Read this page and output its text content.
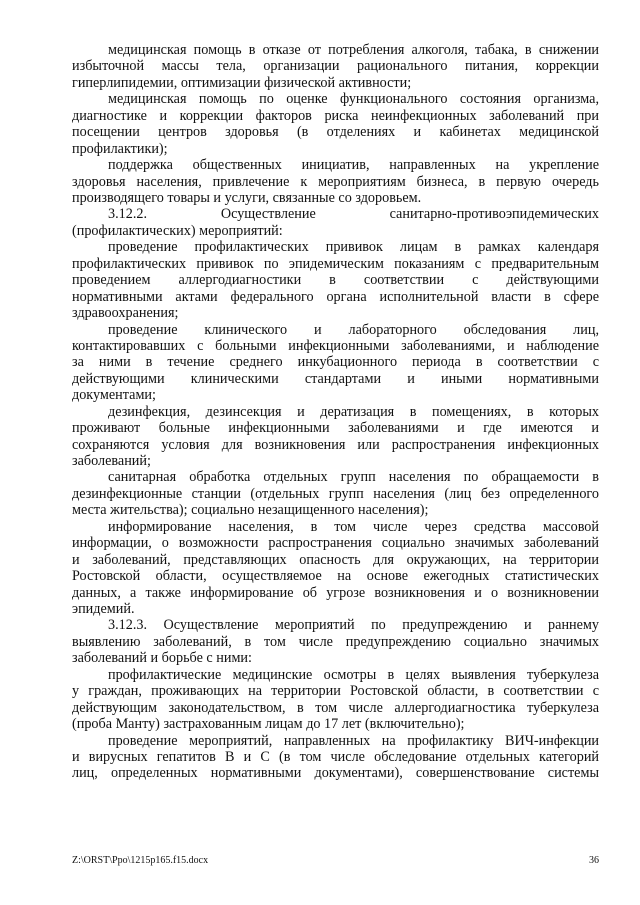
медицинская помощь в отказе от потребления алкоголя, табака, в снижении
избыточной массы тела, организации рационального питания, коррекции
гиперлипидемии, оптимизации физической активности;
медицинская помощь по оценке функционального состояния организма,
диагностике и коррекции факторов риска неинфекционных заболеваний при
посещении центров здоровья (в отделениях и кабинетах медицинской
профилактики);
поддержка общественных инициатив, направленных на укрепление
здоровья населения, привлечение к мероприятиям бизнеса, в первую очередь
производящего товары и услуги, связанные со здоровьем.
3.12.2. Осуществление санитарно-противоэпидемических
(профилактических) мероприятий:
проведение профилактических прививок лицам в рамках календаря
профилактических прививок по эпидемическим показаниям с предварительным
проведением аллергодиагностики в соответствии с действующими
нормативными актами федерального органа исполнительной власти в сфере
здравоохранения;
проведение клинического и лабораторного обследования лиц,
контактировавших с больными инфекционными заболеваниями, и наблюдение
за ними в течение среднего инкубационного периода в соответствии с
действующими клиническими стандартами и иными нормативными
документами;
дезинфекция, дезинсекция и дератизация в помещениях, в которых
проживают больные инфекционными заболеваниями и где имеются и
сохраняются условия для возникновения или распространения инфекционных
заболеваний;
санитарная обработка отдельных групп населения по обращаемости в
дезинфекционные станции (отдельных групп населения (лиц без определенного
места жительства); социально незащищенного населения);
информирование населения, в том числе через средства массовой
информации, о возможности распространения социально значимых заболеваний
и заболеваний, представляющих опасность для окружающих, на территории
Ростовской области, осуществляемое на основе ежегодных статистических
данных, а также информирование об угрозе возникновения и о возникновении
эпидемий.
3.12.3. Осуществление мероприятий по предупреждению и раннему
выявлению заболеваний, в том числе предупреждению социально значимых
заболеваний и борьбе с ними:
профилактические медицинские осмотры в целях выявления туберкулеза
у граждан, проживающих на территории Ростовской области, в соответствии с
действующим законодательством, в том числе аллергодиагностика туберкулеза
(проба Манту) застрахованным лицам до 17 лет (включительно);
проведение мероприятий, направленных на профилактику ВИЧ-инфекции
и вирусных гепатитов В и С (в том числе обследование отдельных категорий
лиц, определенных нормативными документами), совершенствование системы
Z:\ORST\Ppo\1215p165.f15.docx	36
